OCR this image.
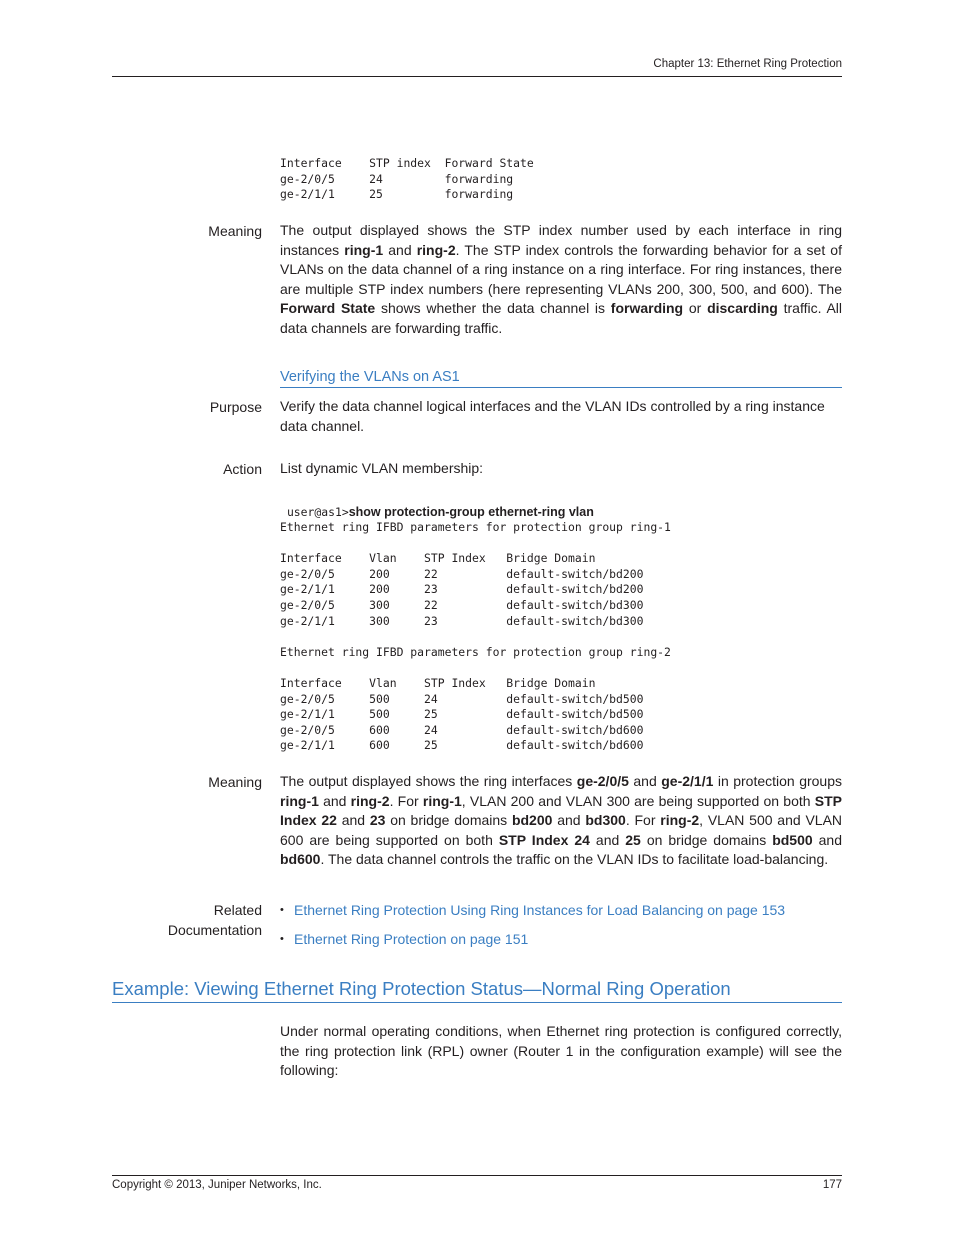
Chapter 13: Ethernet Ring Protection
Interface    STP index  Forward State
ge-2/0/5     24         forwarding
ge-2/1/1     25         forwarding
Meaning The output displayed shows the STP index number used by each interface in ring instances ring-1 and ring-2. The STP index controls the forwarding behavior for a set of VLANs on the data channel of a ring instance on a ring interface. For ring instances, there are multiple STP index numbers (here representing VLANs 200, 300, 500, and 600). The Forward State shows whether the data channel is forwarding or discarding traffic. All data channels are forwarding traffic.
Verifying the VLANs on AS1
Purpose Verify the data channel logical interfaces and the VLAN IDs controlled by a ring instance data channel.
Action List dynamic VLAN membership:

user@as1>show protection-group ethernet-ring vlan

Ethernet ring IFBD parameters for protection group ring-1

Interface    Vlan    STP Index   Bridge Domain
ge-2/0/5     200     22          default-switch/bd200
ge-2/1/1     200     23          default-switch/bd200
ge-2/0/5     300     22          default-switch/bd300
ge-2/1/1     300     23          default-switch/bd300

Ethernet ring IFBD parameters for protection group ring-2

Interface    Vlan    STP Index   Bridge Domain
ge-2/0/5     500     24          default-switch/bd500
ge-2/1/1     500     25          default-switch/bd500
ge-2/0/5     600     24          default-switch/bd600
ge-2/1/1     600     25          default-switch/bd600
Meaning The output displayed shows the ring interfaces ge-2/0/5 and ge-2/1/1 in protection groups ring-1 and ring-2. For ring-1, VLAN 200 and VLAN 300 are being supported on both STP Index 22 and 23 on bridge domains bd200 and bd300. For ring-2, VLAN 500 and VLAN 600 are being supported on both STP Index 24 and 25 on bridge domains bd500 and bd600. The data channel controls the traffic on the VLAN IDs to facilitate load-balancing.
Related
Documentation
• Ethernet Ring Protection Using Ring Instances for Load Balancing on page 153
• Ethernet Ring Protection on page 151
Example: Viewing Ethernet Ring Protection Status—Normal Ring Operation
Under normal operating conditions, when Ethernet ring protection is configured correctly, the ring protection link (RPL) owner (Router 1 in the configuration example) will see the following:
Copyright © 2013, Juniper Networks, Inc.	177
